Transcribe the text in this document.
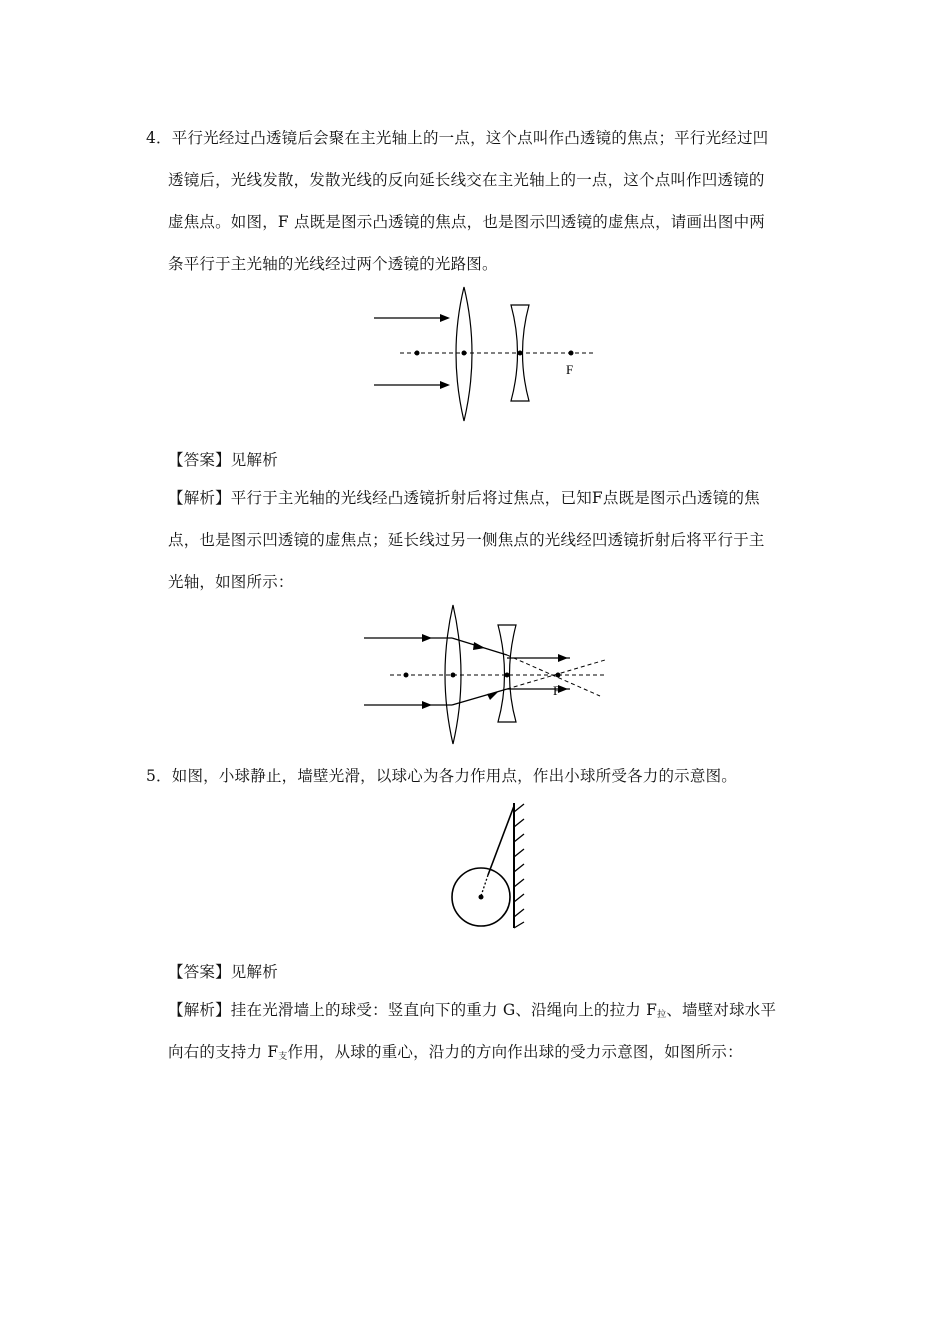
4．平行光经过凸透镜后会聚在主光轴上的一点，这个点叫作凸透镜的焦点；平行光经过凹
透镜后，光线发散，发散光线的反向延长线交在主光轴上的一点，这个点叫作凹透镜的
虚焦点。如图，F 点既是图示凸透镜的焦点，也是图示凹透镜的虚焦点，请画出图中两
条平行于主光轴的光线经过两个透镜的光路图。
F
【答案】见解析
【解析】平行于主光轴的光线经凸透镜折射后将过焦点，已知F点既是图示凸透镜的焦
点，也是图示凹透镜的虚焦点；延长线过另一侧焦点的光线经凹透镜折射后将平行于主
光轴，如图所示：
F
5．如图，小球静止，墙壁光滑，以球心为各力作用点，作出小球所受各力的示意图。
【答案】见解析
【解析】挂在光滑墙上的球受：竖直向下的重力 G、沿绳向上的拉力 $F_拉$、墙壁对球水平
向右的支持力 $F_支$作用，从球的重心，沿力的方向作出球的受力示意图，如图所示：
